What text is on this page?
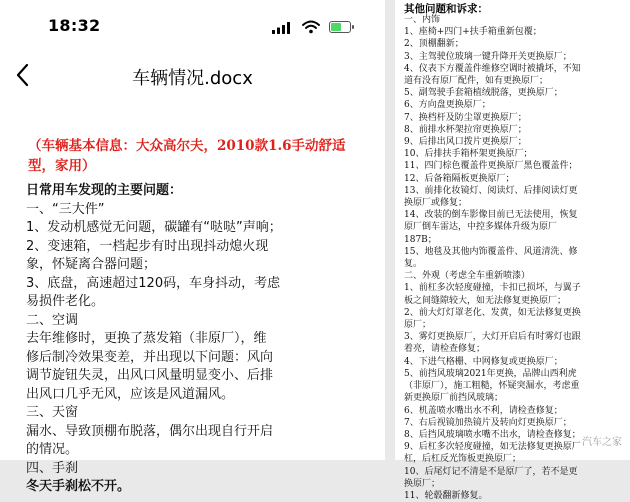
18:32
车辆情况.docx
（车辆基本信息：大众高尔夫，2010款1.6手动舒适型，家用）

日常用车发现的主要问题：

一、“三大件”

1、发动机感觉无问题，碳罐有“哒哒”声响；

2、变速箱，一档起步有时出现抖动熄火现

象，怀疑离合器问题；

3、底盘，高速超过120码，车身抖动，考虑

易损件老化。

二、空调

去年维修时，更换了蒸发箱（非原厂），维

修后制冷效果变差，并出现以下问题：风向

调节旋钮失灵，出风口风量明显变小、后排

出风口几乎无风，应该是风道漏风。

三、天窗

漏水、导致顶棚布脱落，偶尔出现自行开启

的情况。

四、手刹

冬天手刹松不开。

其他问题和诉求：

一、内饰

1、座椅+四门+扶手箱重新包覆；

2、顶棚翻新；

3、主驾驶位玻璃一键升降开关更换原厂；

4、仪表下方覆盖件维修空调时被撬坏，不知

道有没有原厂配件，如有更换原厂；

5、副驾驶手套箱植绒脱落，更换原厂；

6、方向盘更换原厂；

7、换档杆及防尘罩更换原厂；

8、前排水杯架拉帘更换原厂；

9、后排出风口拨片更换原厂；

10、后排扶手箱杯架更换原厂；

11、四门棕色覆盖件更换原厂黑色覆盖件；

12、后备箱隔板更换原厂；

13、前排化妆镜灯、阅读灯、后排阅读灯更

换原厂或修复；

14、改装的倒车影像目前已无法使用，恢复

原厂倒车雷达，中控多媒体升级为原厂

187B；

15、地毯及其他内饰覆盖件、风道清洗、修

复。

二、外观（考虑全车重新喷漆）

1、前杠多次轻度碰撞，卡扣已损坏，与翼子

板之间缝隙较大，如无法修复更换原厂；

2、前大灯灯罩老化、发黄，如无法修复更换

原厂；

3、雾灯更换原厂，大灯开启后有时雾灯也跟

着亮，请检查修复；

4、下进气格栅、中网修复或更换原厂；

5、前挡风玻璃2021年更换，品牌山西利虎

（非原厂），施工粗糙，怀疑突漏水，考虑重

新更换原厂前挡风玻璃；

6、机盖喷水嘴出水不利，请检查修复；

7、右后视镜加热镜片及转向灯更换原厂；

8、后挡风玻璃喷水嘴不出水，请检查修复；

9、后杠多次轻度碰撞，如无法修复更换原厂

杠，后杠反光饰板更换原厂；

10、后尾灯记不清是不是原厂了，若不是更

换原厂；

11、轮毂翻新修复。

汽车之家
